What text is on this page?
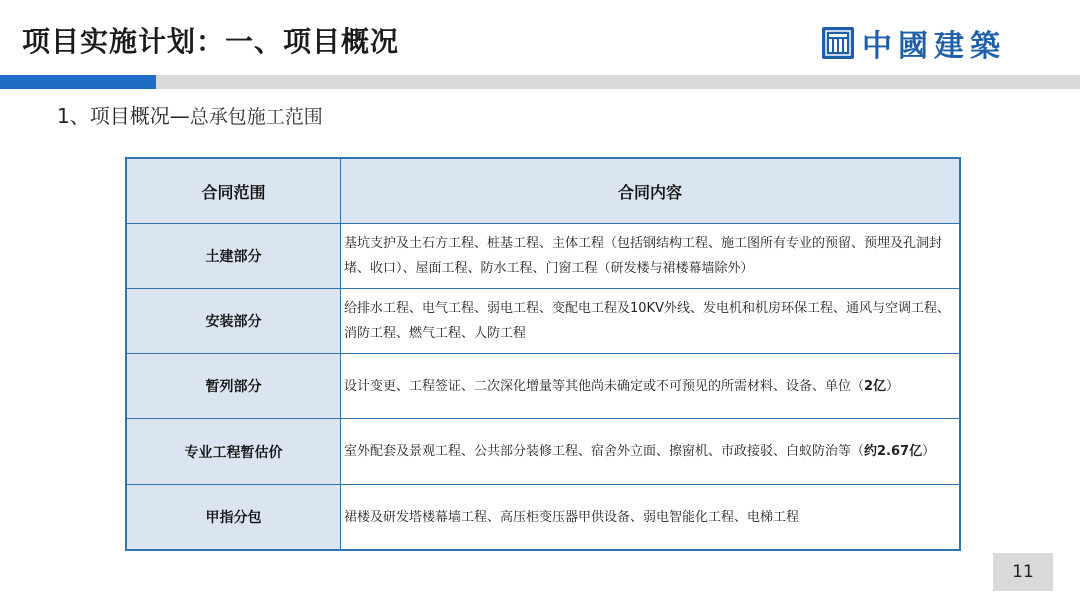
项目实施计划：一、项目概况	中國建築
1、项目概况— 总承包施工范围
合同范围	合同内容
土建部分	基坑支护及土石方工程、桩基工程、主体工程（包括钢结构工程、施工图所有专业的预留、预埋及孔洞封堵、收口）、屋面工程、防水工程、门窗工程（研发楼与裙楼幕墙除外）
安装部分	给排水工程、电气工程、弱电工程、变配电工程及10KV外线、发电机和机房环保工程、通风与空调工程、消防工程、燃气工程、人防工程
暂列部分	设计变更、工程签证、二次深化增量等其他尚未确定或不可预见的所需材料、设备、单位（2亿）
专业工程暂估价	室外配套及景观工程、公共部分装修工程、宿舍外立面、擦窗机、市政接驳、白蚁防治等（约2.67亿）
甲指分包	裙楼及研发塔楼幕墙工程、高压柜变压器甲供设备、弱电智能化工程、电梯工程
11
